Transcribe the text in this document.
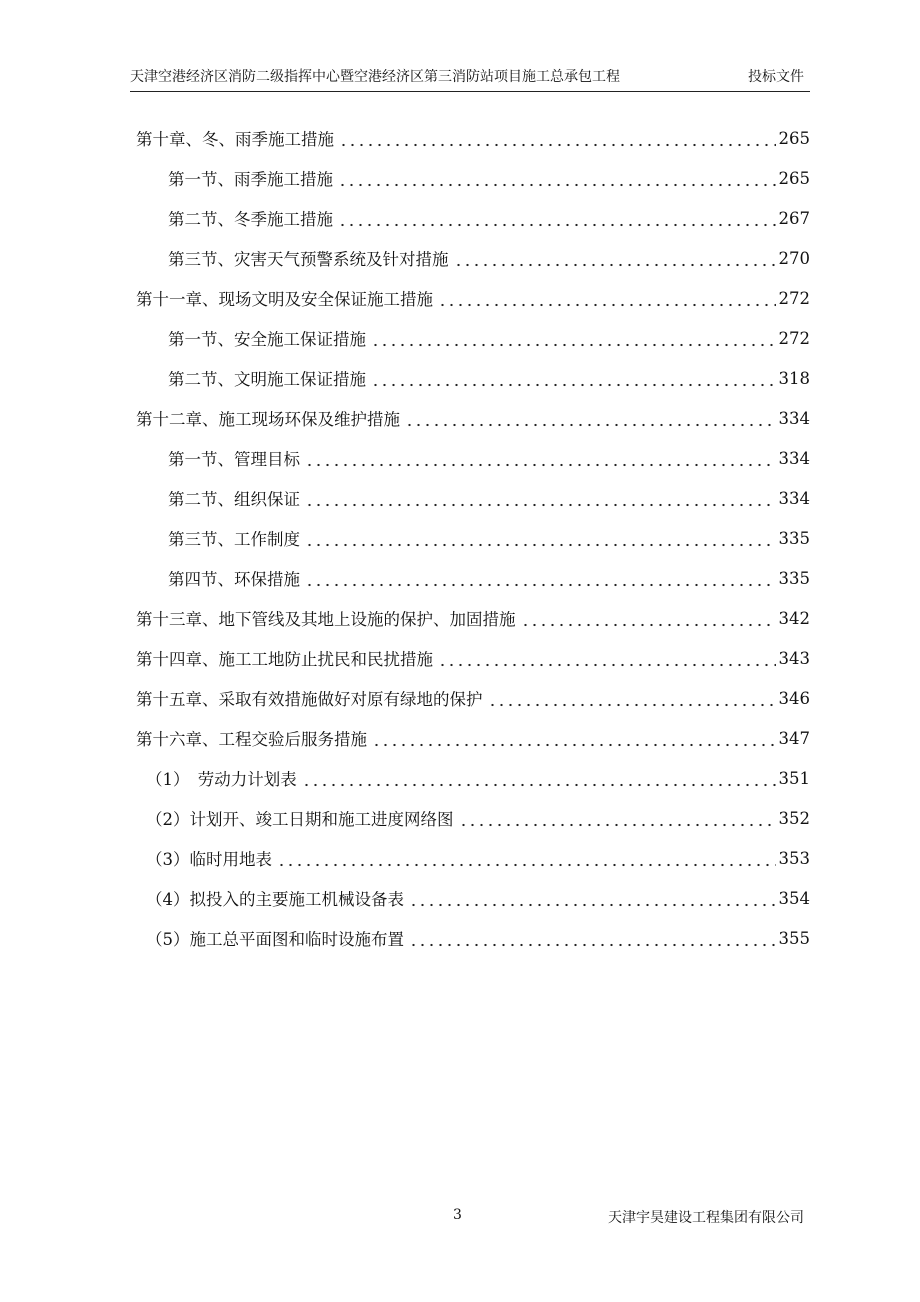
天津空港经济区消防二级指挥中心暨空港经济区第三消防站项目施工总承包工程	投标文件
第十章、冬、雨季施工措施	265
第一节、雨季施工措施	265
第二节、冬季施工措施	267
第三节、灾害天气预警系统及针对措施	270
第十一章、现场文明及安全保证施工措施	272
第一节、安全施工保证措施	272
第二节、文明施工保证措施	318
第十二章、施工现场环保及维护措施	334
第一节、管理目标	334
第二节、组织保证	334
第三节、工作制度	335
第四节、环保措施	335
第十三章、地下管线及其地上设施的保护、加固措施	342
第十四章、施工工地防止扰民和民扰措施	343
第十五章、采取有效措施做好对原有绿地的保护	346
第十六章、工程交验后服务措施	347
（1）　劳动力计划表	351
（2）计划开、竣工日期和施工进度网络图	352
（3）临时用地表	353
（4）拟投入的主要施工机械设备表	354
（5）施工总平面图和临时设施布置	355
3	天津宇昊建设工程集团有限公司
